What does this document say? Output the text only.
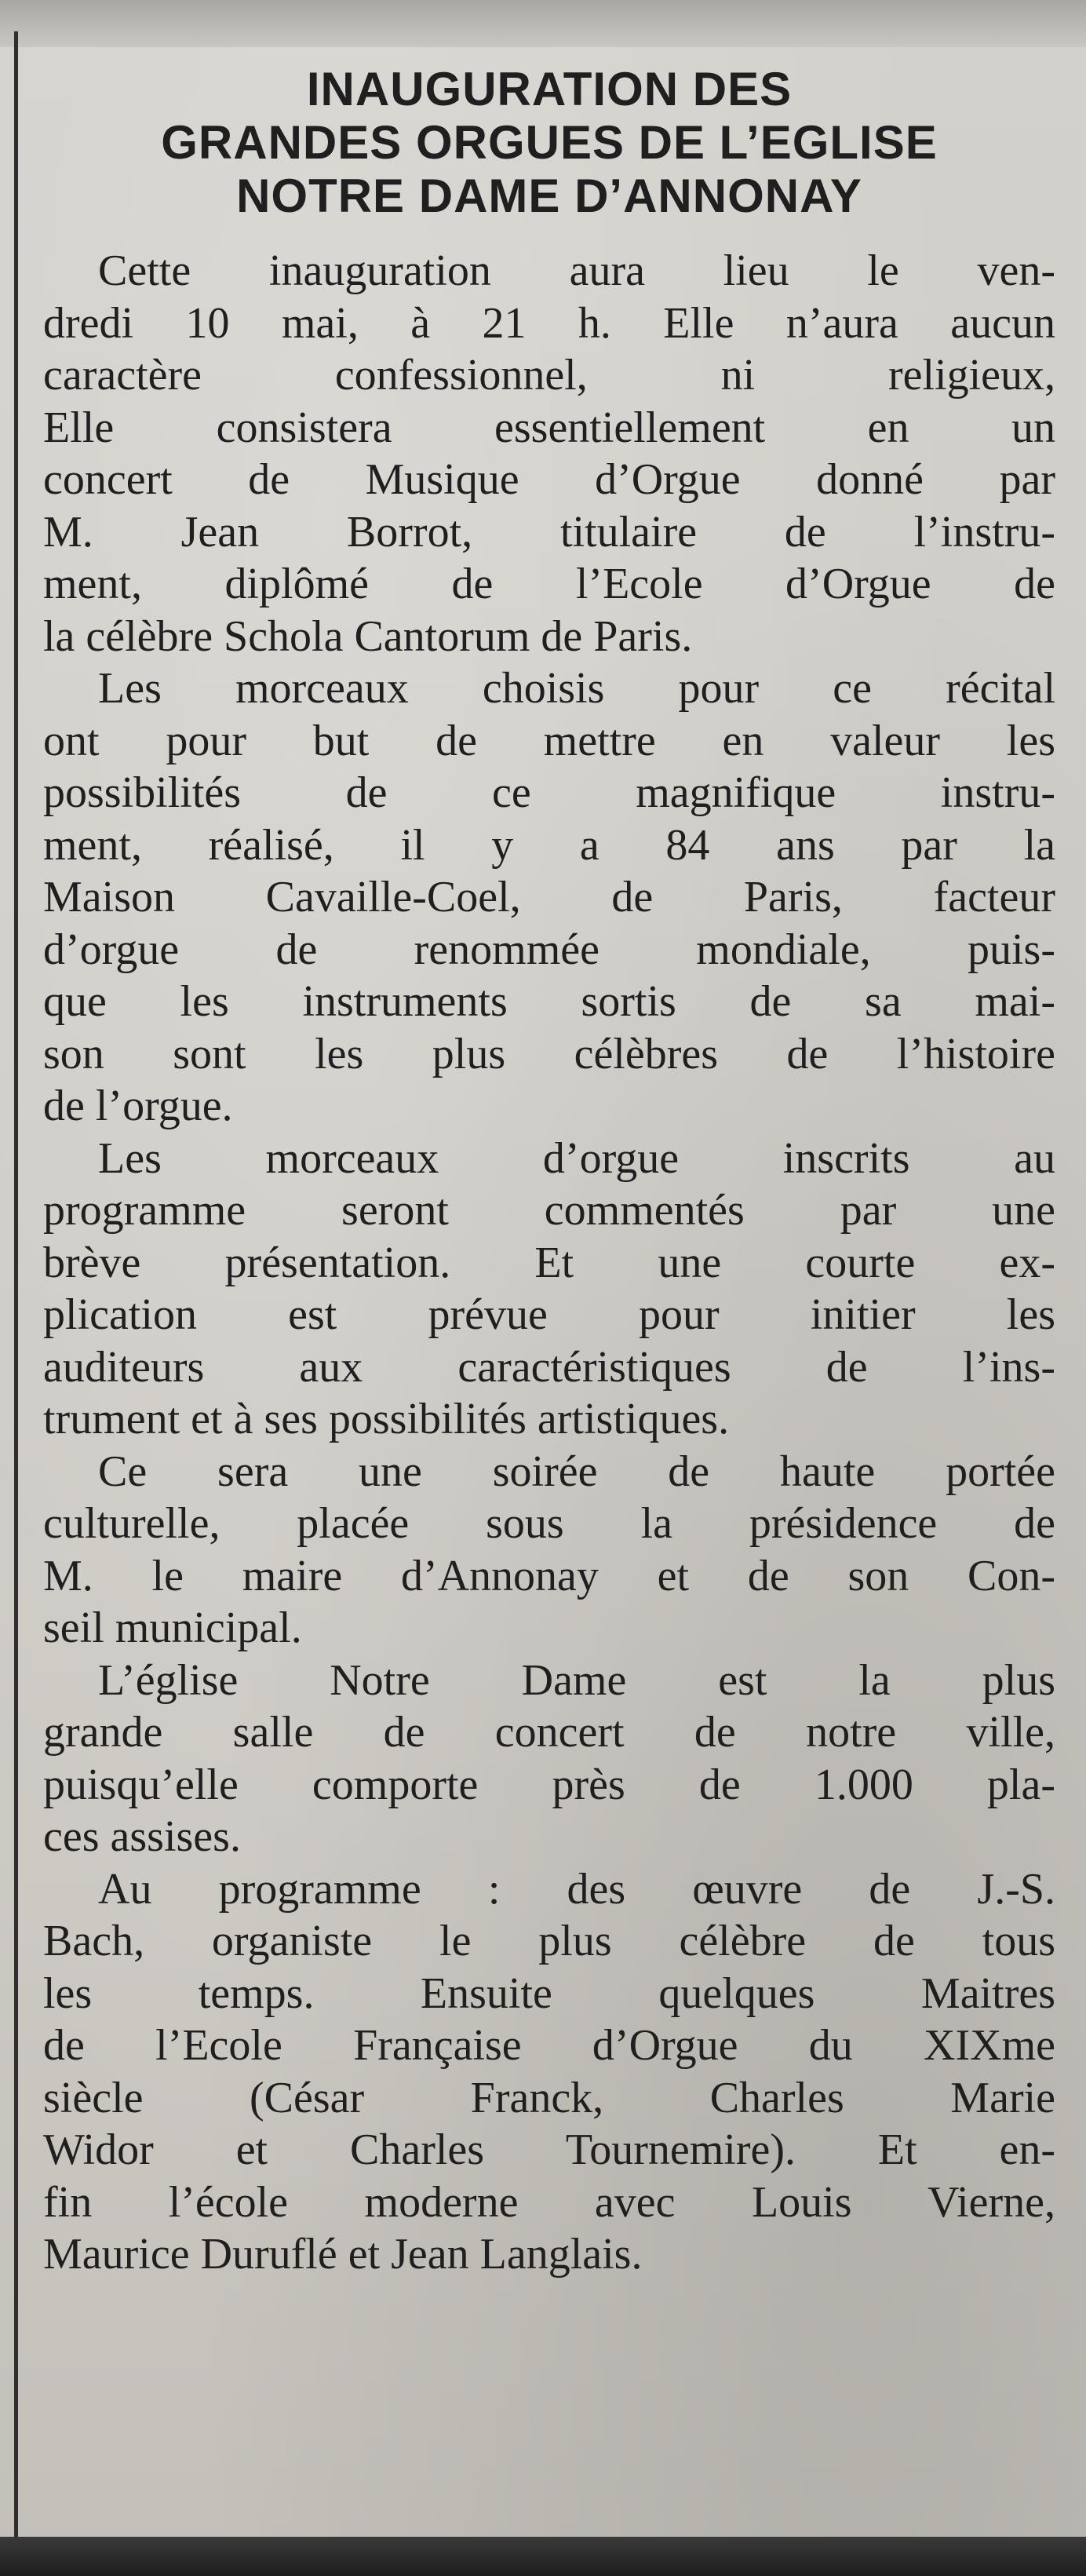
INAUGURATION DES
GRANDES ORGUES DE L’EGLISE
NOTRE DAME D’ANNONAY
Cette inauguration aura lieu le ven-
dredi 10 mai, à 21 h. Elle n’aura aucun
caractère confessionnel, ni religieux,
Elle consistera essentiellement en un
concert de Musique d’Orgue donné par
M. Jean Borrot, titulaire de l’instru-
ment, diplômé de l’Ecole d’Orgue de
la célèbre Schola Cantorum de Paris.
Les morceaux choisis pour ce récital
ont pour but de mettre en valeur les
possibilités de ce magnifique instru-
ment, réalisé, il y a 84 ans par la
Maison Cavaille-Coel, de Paris, facteur
d’orgue de renommée mondiale, puis-
que les instruments sortis de sa mai-
son sont les plus célèbres de l’histoire
de l’orgue.
Les morceaux d’orgue inscrits au
programme seront commentés par une
brève présentation. Et une courte ex-
plication est prévue pour initier les
auditeurs aux caractéristiques de l’ins-
trument et à ses possibilités artistiques.
Ce sera une soirée de haute portée
culturelle, placée sous la présidence de
M. le maire d’Annonay et de son Con-
seil municipal.
L’église Notre Dame est la plus
grande salle de concert de notre ville,
puisqu’elle comporte près de 1.000 pla-
ces assises.
Au programme : des œuvre de J.-S.
Bach, organiste le plus célèbre de tous
les temps. Ensuite quelques Maitres
de l’Ecole Française d’Orgue du XIXme
siècle (César Franck, Charles Marie
Widor et Charles Tournemire). Et en-
fin l’école moderne avec Louis Vierne,
Maurice Duruflé et Jean Langlais.
